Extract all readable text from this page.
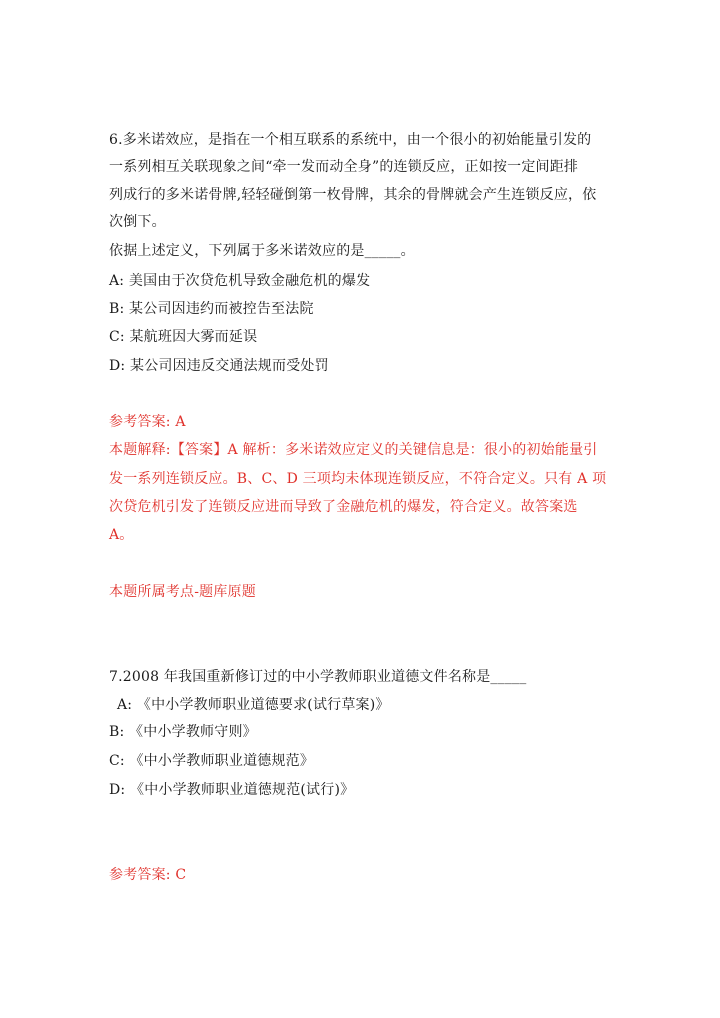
6.多米诺效应，是指在一个相互联系的系统中，由一个很小的初始能量引发的
一系列相互关联现象之间“牵一发而动全身”的连锁反应，正如按一定间距排
列成行的多米诺骨牌,轻轻碰倒第一枚骨牌，其余的骨牌就会产生连锁反应，依
次倒下。
依据上述定义，下列属于多米诺效应的是_____。
A: 美国由于次贷危机导致金融危机的爆发
B: 某公司因违约而被控告至法院
C: 某航班因大雾而延误
D: 某公司因违反交通法规而受处罚
参考答案: A
本题解释:【答案】A 解析：多米诺效应定义的关键信息是：很小的初始能量引
发一系列连锁反应。B、C、D 三项均未体现连锁反应，不符合定义。只有 A 项
次贷危机引发了连锁反应进而导致了金融危机的爆发，符合定义。故答案选
A。
本题所属考点-题库原题
7.2008 年我国重新修订过的中小学教师职业道德文件名称是_____
A: 《中小学教师职业道德要求(试行草案)》
B: 《中小学教师守则》
C: 《中小学教师职业道德规范》
D: 《中小学教师职业道德规范(试行)》
参考答案: C
